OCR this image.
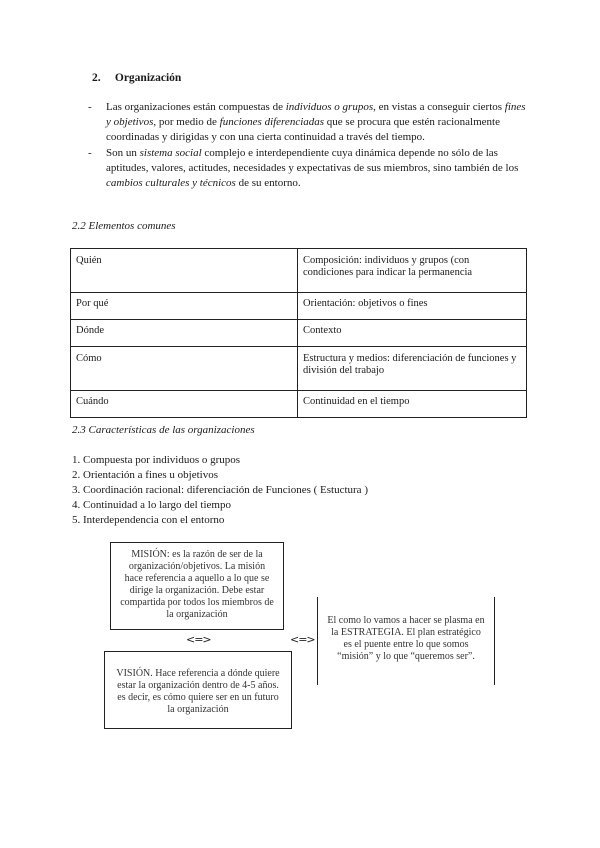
2. Organización
- Las organizaciones están compuestas de individuos o grupos, en vistas a conseguir ciertos fines y objetivos, por medio de funciones diferenciadas que se procura que estén racionalmente coordinadas y dirigidas y con una cierta continuidad a través del tiempo.
- Son un sistema social complejo e interdependiente cuya dinámica depende no sólo de las aptitudes, valores, actitudes, necesidades y expectativas de sus miembros, sino también de los cambios culturales y técnicos de su entorno.
2.2 Elementos comunes
Quién	Composición: individuos y grupos (con condiciones para indicar la permanencia
Por qué	Orientación: objetivos o fines
Dónde	Contexto
Cómo	Estructura y medios: diferenciación de funciones y división del trabajo
Cuándo	Continuidad en el tiempo
2.3 Características de las organizaciones
1. Compuesta por individuos o grupos
2. Orientación a fines u objetivos
3. Coordinación racional: diferenciación de Funciones ( Estuctura )
4. Continuidad a lo largo del tiempo
5. Interdependencia con el entorno
MISIÓN: es la razón de ser de la organización/objetivos. La misión hace referencia a aquello a lo que se dirige la organización. Debe estar compartida por todos los miembros de la organización
<=>	<=>
VISIÓN. Hace referencia a dónde quiere estar la organización dentro de 4-5 años. es decir, es cómo quiere ser en un futuro la organización
El como lo vamos a hacer se plasma en la ESTRATEGIA. El plan estratégico es el puente entre lo que somos “misión” y lo que “queremos ser”.
